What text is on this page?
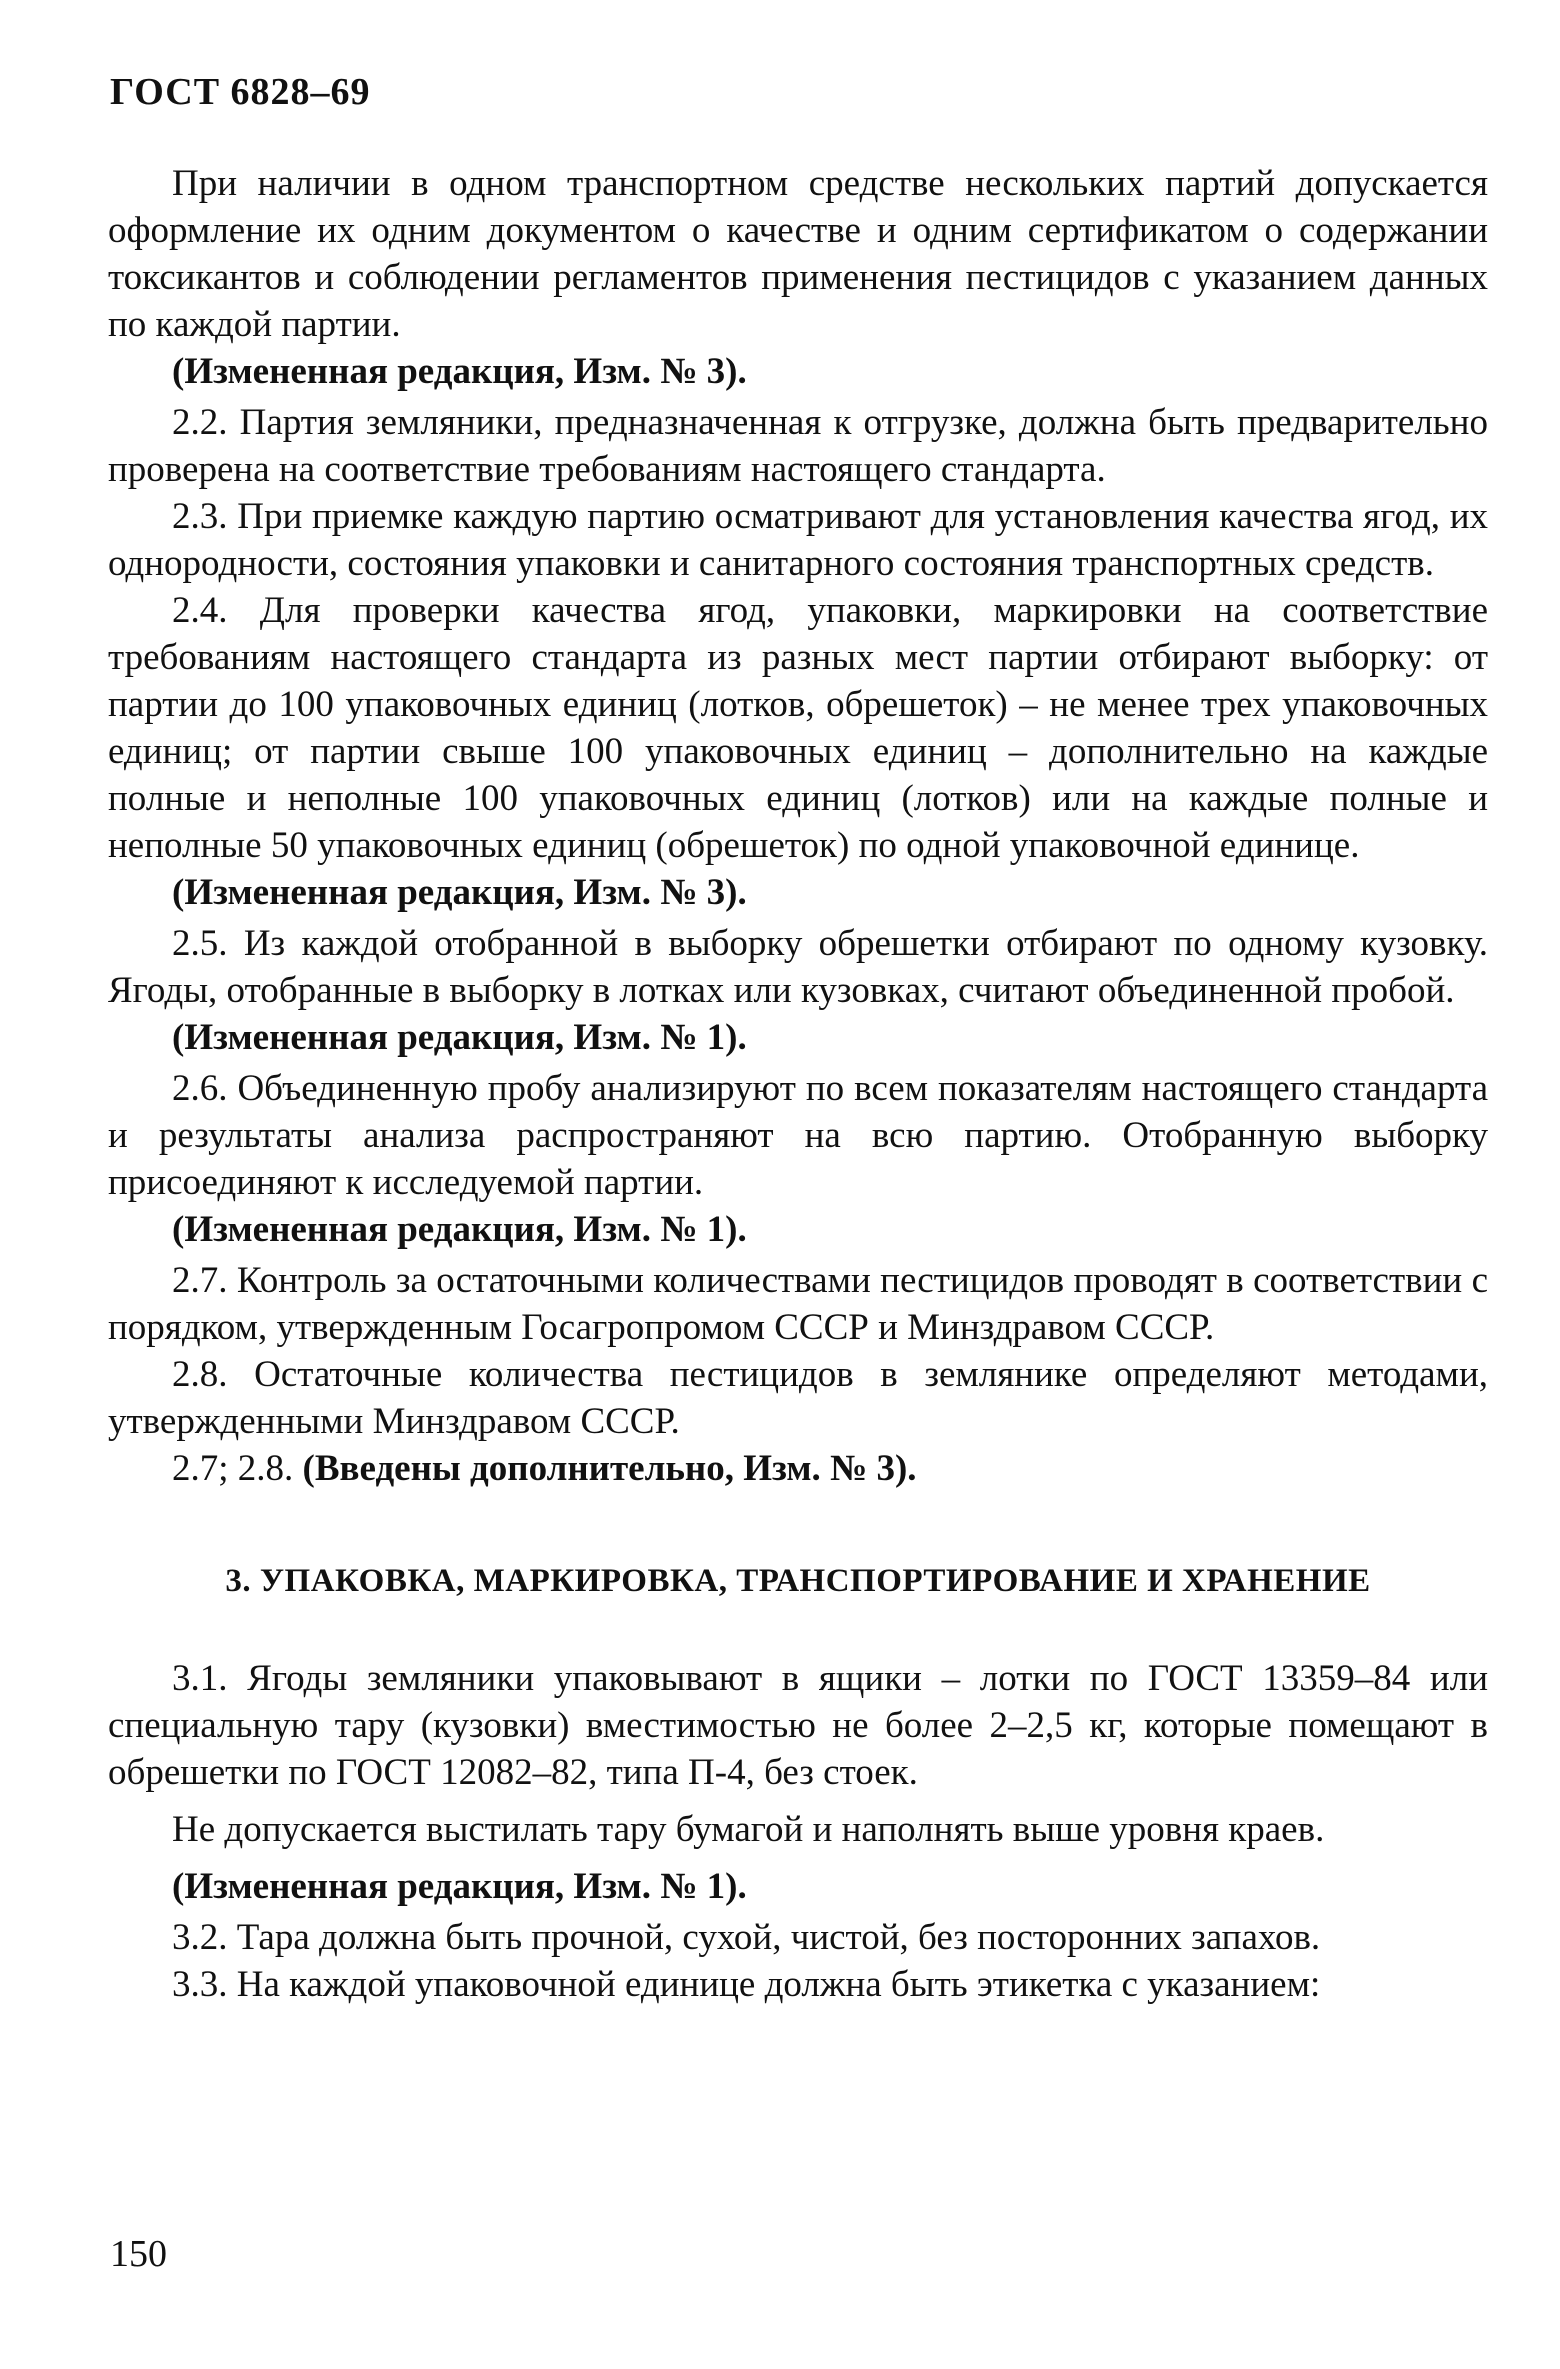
ГОСТ 6828–69

При наличии в одном транспортном средстве нескольких партий допускается оформление их одним документом о качестве и одним сертификатом о содержании токсикантов и соблюдении регламентов применения пестицидов с указанием данных по каждой партии.

(Измененная редакция, Изм. № 3).

2.2. Партия земляники, предназначенная к отгрузке, должна быть предварительно проверена на соответствие требованиям настоящего стандарта.

2.3. При приемке каждую партию осматривают для установления качества ягод, их однородности, состояния упаковки и санитарного состояния транспортных средств.

2.4. Для проверки качества ягод, упаковки, маркировки на соответствие требованиям настоящего стандарта из разных мест партии отбирают выборку: от партии до 100 упаковочных единиц (лотков, обрешеток) – не менее трех упаковочных единиц; от партии свыше 100 упаковочных единиц – дополнительно на каждые полные и неполные 100 упаковочных единиц (лотков) или на каждые полные и неполные 50 упаковочных единиц (обрешеток) по одной упаковочной единице.

(Измененная редакция, Изм. № 3).

2.5. Из каждой отобранной в выборку обрешетки отбирают по одному кузовку. Ягоды, отобранные в выборку в лотках или кузовках, считают объединенной пробой.

(Измененная редакция, Изм. № 1).

2.6. Объединенную пробу анализируют по всем показателям настоящего стандарта и результаты анализа распространяют на всю партию. Отобранную выборку присоединяют к исследуемой партии.

(Измененная редакция, Изм. № 1).

2.7. Контроль за остаточными количествами пестицидов проводят в соответствии с порядком, утвержденным Госагропромом СССР и Минздравом СССР.

2.8. Остаточные количества пестицидов в землянике определяют методами, утвержденными Минздравом СССР.

2.7; 2.8. (Введены дополнительно, Изм. № 3).

3. УПАКОВКА, МАРКИРОВКА, ТРАНСПОРТИРОВАНИЕ И ХРАНЕНИЕ

3.1. Ягоды земляники упаковывают в ящики – лотки по ГОСТ 13359–84 или специальную тару (кузовки) вместимостью не более 2–2,5 кг, которые помещают в обрешетки по ГОСТ 12082–82, типа П-4, без стоек.

Не допускается выстилать тару бумагой и наполнять выше уровня краев.

(Измененная редакция, Изм. № 1).

3.2. Тара должна быть прочной, сухой, чистой, без посторонних запахов.

3.3. На каждой упаковочной единице должна быть этикетка с указанием:

150
